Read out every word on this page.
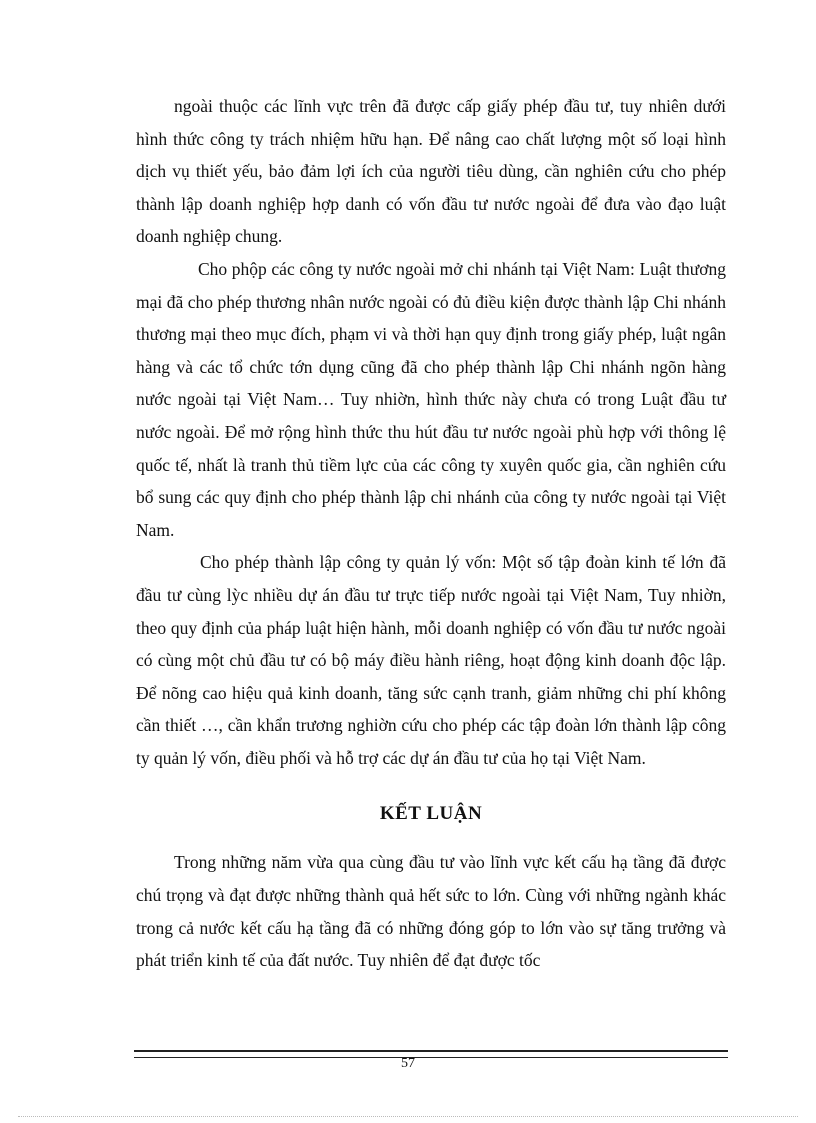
ngoài thuộc các lĩnh vực trên đã được cấp giấy phép đầu tư, tuy nhiên dưới hình thức công ty trách nhiệm hữu hạn. Để nâng cao chất lượng một số loại hình dịch vụ thiết yếu, bảo đảm lợi ích của người tiêu dùng, cần nghiên cứu cho phép thành lập doanh nghiệp hợp danh có vốn đầu tư nước ngoài để đưa vào đạo luật doanh nghiệp chung.

Cho phộp các công ty nước ngoài mở chi nhánh tại Việt Nam: Luật thương mại đã cho phép thương nhân nước ngoài có đủ điều kiện được thành lập Chi nhánh thương mại theo mục đích, phạm vi và thời hạn quy định trong giấy phép, luật ngân hàng và các tổ chức tớn dụng cũng đã cho phép thành lập Chi nhánh ngõn hàng nước ngoài tại Việt Nam… Tuy nhiờn, hình thức này chưa có trong Luật đầu tư nước ngoài. Để mở rộng hình thức thu hút đầu tư nước ngoài phù hợp với thông lệ quốc tế, nhất là tranh thủ tiềm lực của các công ty xuyên quốc gia, cần nghiên cứu bổ sung các quy định cho phép thành lập chi nhánh của công ty nước ngoài tại Việt Nam.

Cho phép thành lập công ty quản lý vốn: Một số tập đoàn kinh tế lớn đã đầu tư cùng lỳc nhiều dự án đầu tư trực tiếp nước ngoài tại Việt Nam, Tuy nhiờn, theo quy định của pháp luật hiện hành, mỗi doanh nghiệp có vốn đầu tư nước ngoài có cùng một chủ đầu tư có bộ máy điều hành riêng, hoạt động kinh doanh độc lập. Để nõng cao hiệu quả kinh doanh, tăng sức cạnh tranh, giảm những chi phí không cần thiết …, cần khẩn trương nghiờn cứu cho phép các tập đoàn lớn thành lập công ty quản lý vốn, điều phối và hỗ trợ các dự án đầu tư của họ tại Việt Nam.

KẾT LUẬN

Trong những năm vừa qua cùng đầu tư vào lĩnh vực kết cấu hạ tầng đã được chú trọng và đạt được những thành quả hết sức to lớn. Cùng với những ngành khác trong cả nước kết cấu hạ tầng đã có những đóng góp to lớn vào sự tăng trưởng và phát triển kinh tế của đất nước. Tuy nhiên để đạt được tốc

57
